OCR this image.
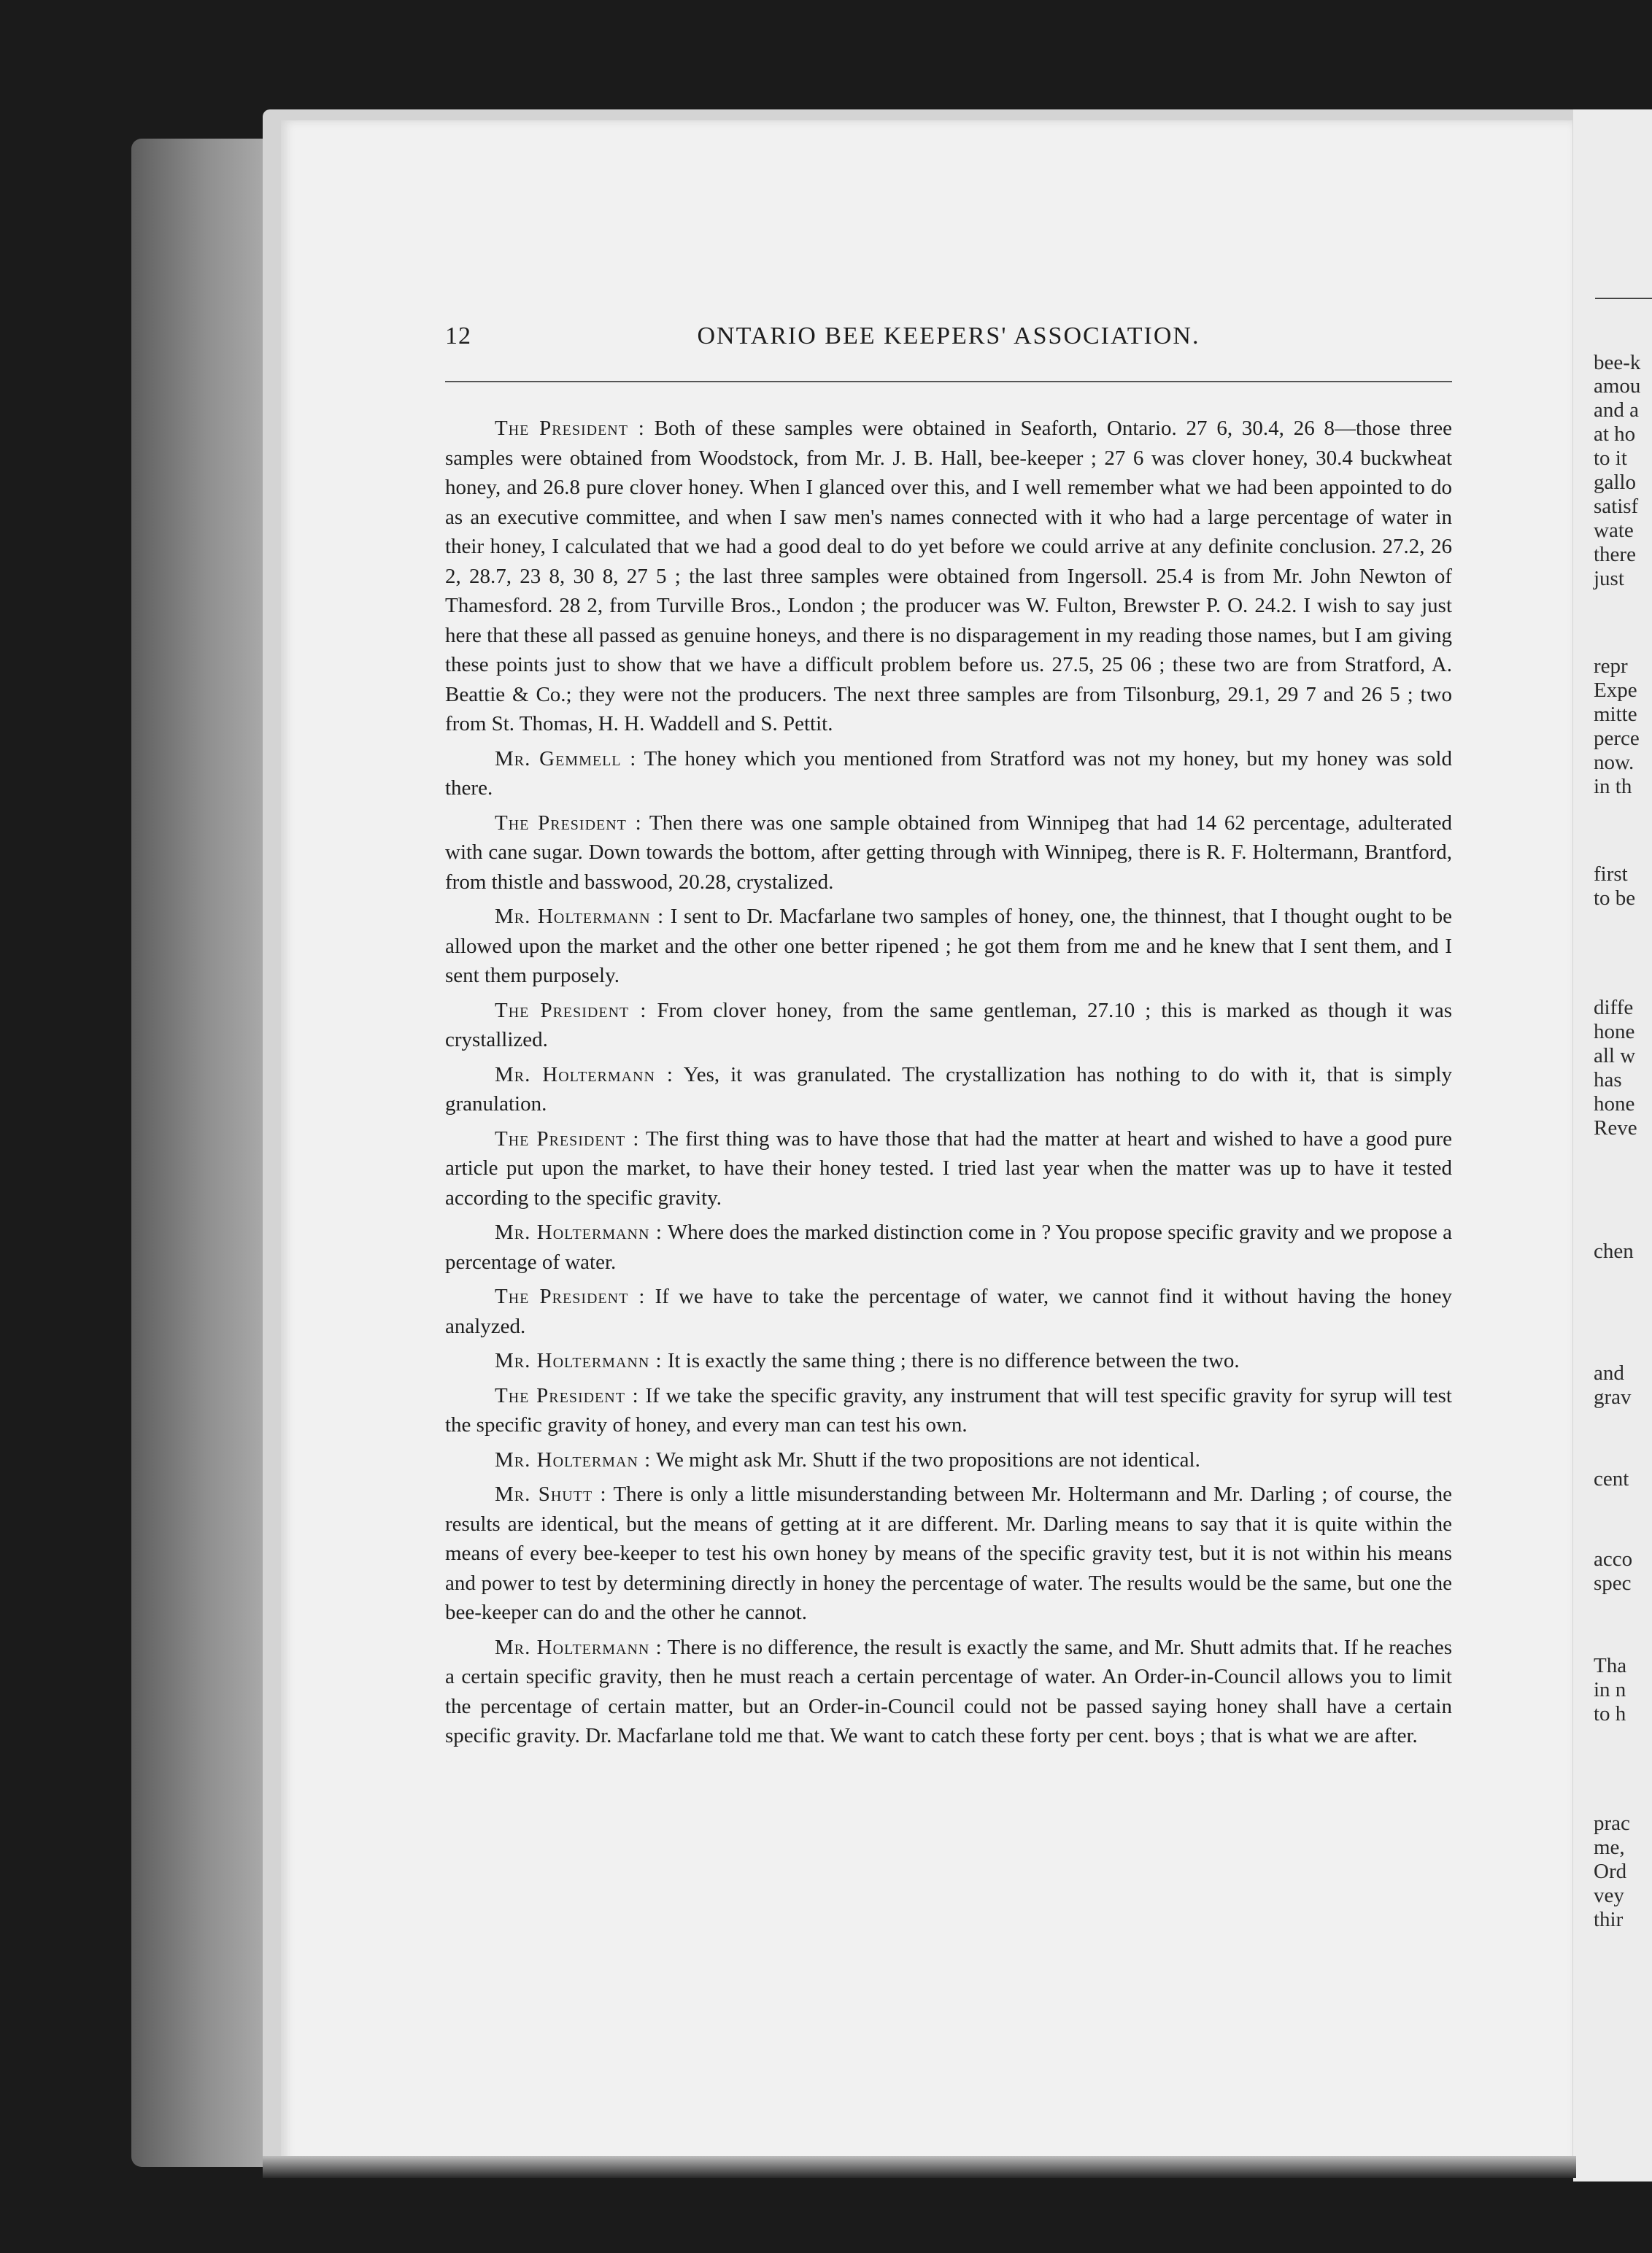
12	ONTARIO BEE KEEPERS' ASSOCIATION.

The President : Both of these samples were obtained in Seaforth, Ontario. 27 6, 30.4, 26 8—those three samples were obtained from Woodstock, from Mr. J. B. Hall, bee-keeper ; 27 6 was clover honey, 30.4 buckwheat honey, and 26.8 pure clover honey. When I glanced over this, and I well remember what we had been appointed to do as an executive committee, and when I saw men's names connected with it who had a large percentage of water in their honey, I calculated that we had a good deal to do yet before we could arrive at any definite conclusion. 27.2, 26 2, 28.7, 23 8, 30 8, 27 5 ; the last three samples were obtained from Ingersoll. 25.4 is from Mr. John Newton of Thamesford. 28 2, from Turville Bros., London ; the producer was W. Fulton, Brewster P. O. 24.2. I wish to say just here that these all passed as genuine honeys, and there is no disparagement in my reading those names, but I am giving these points just to show that we have a difficult problem before us. 27.5, 25 06 ; these two are from Stratford, A. Beattie & Co.; they were not the producers. The next three samples are from Tilsonburg, 29.1, 29 7 and 26 5 ; two from St. Thomas, H. H. Waddell and S. Pettit.

Mr. Gemmell : The honey which you mentioned from Stratford was not my honey, but my honey was sold there.

The President : Then there was one sample obtained from Winnipeg that had 14 62 percentage, adulterated with cane sugar. Down towards the bottom, after getting through with Winnipeg, there is R. F. Holtermann, Brantford, from thistle and basswood, 20.28, crystalized.

Mr. Holtermann : I sent to Dr. Macfarlane two samples of honey, one, the thinnest, that I thought ought to be allowed upon the market and the other one better ripened ; he got them from me and he knew that I sent them, and I sent them purposely.

The President : From clover honey, from the same gentleman, 27.10 ; this is marked as though it was crystallized.

Mr. Holtermann : Yes, it was granulated. The crystallization has nothing to do with it, that is simply granulation.

The President : The first thing was to have those that had the matter at heart and wished to have a good pure article put upon the market, to have their honey tested. I tried last year when the matter was up to have it tested according to the specific gravity.

Mr. Holtermann : Where does the marked distinction come in ? You propose specific gravity and we propose a percentage of water.

The President : If we have to take the percentage of water, we cannot find it without having the honey analyzed.

Mr. Holtermann : It is exactly the same thing ; there is no difference between the two.

The President : If we take the specific gravity, any instrument that will test specific gravity for syrup will test the specific gravity of honey, and every man can test his own.

Mr. Holterman : We might ask Mr. Shutt if the two propositions are not identical.

Mr. Shutt : There is only a little misunderstanding between Mr. Holtermann and Mr. Darling ; of course, the results are identical, but the means of getting at it are different. Mr. Darling means to say that it is quite within the means of every bee-keeper to test his own honey by means of the specific gravity test, but it is not within his means and power to test by determining directly in honey the percentage of water. The results would be the same, but one the bee-keeper can do and the other he cannot.

Mr. Holtermann : There is no difference, the result is exactly the same, and Mr. Shutt admits that. If he reaches a certain specific gravity, then he must reach a certain percentage of water. An Order-in-Council allows you to limit the percentage of certain matter, but an Order-in-Council could not be passed saying honey shall have a certain specific gravity. Dr. Macfarlane told me that. We want to catch these forty per cent. boys ; that is what we are after.

bee-k
amou
and a
at ho
to it
gallo
satisf
wate
there
just
repr
Expe
mitte
perce
now.
in th
first
to be
diffe
hone
all w
has
hone
Reve
chen
and
grav
cent
acco
spec
Tha
in n
to h
prac
me,
Ord
vey
thir
